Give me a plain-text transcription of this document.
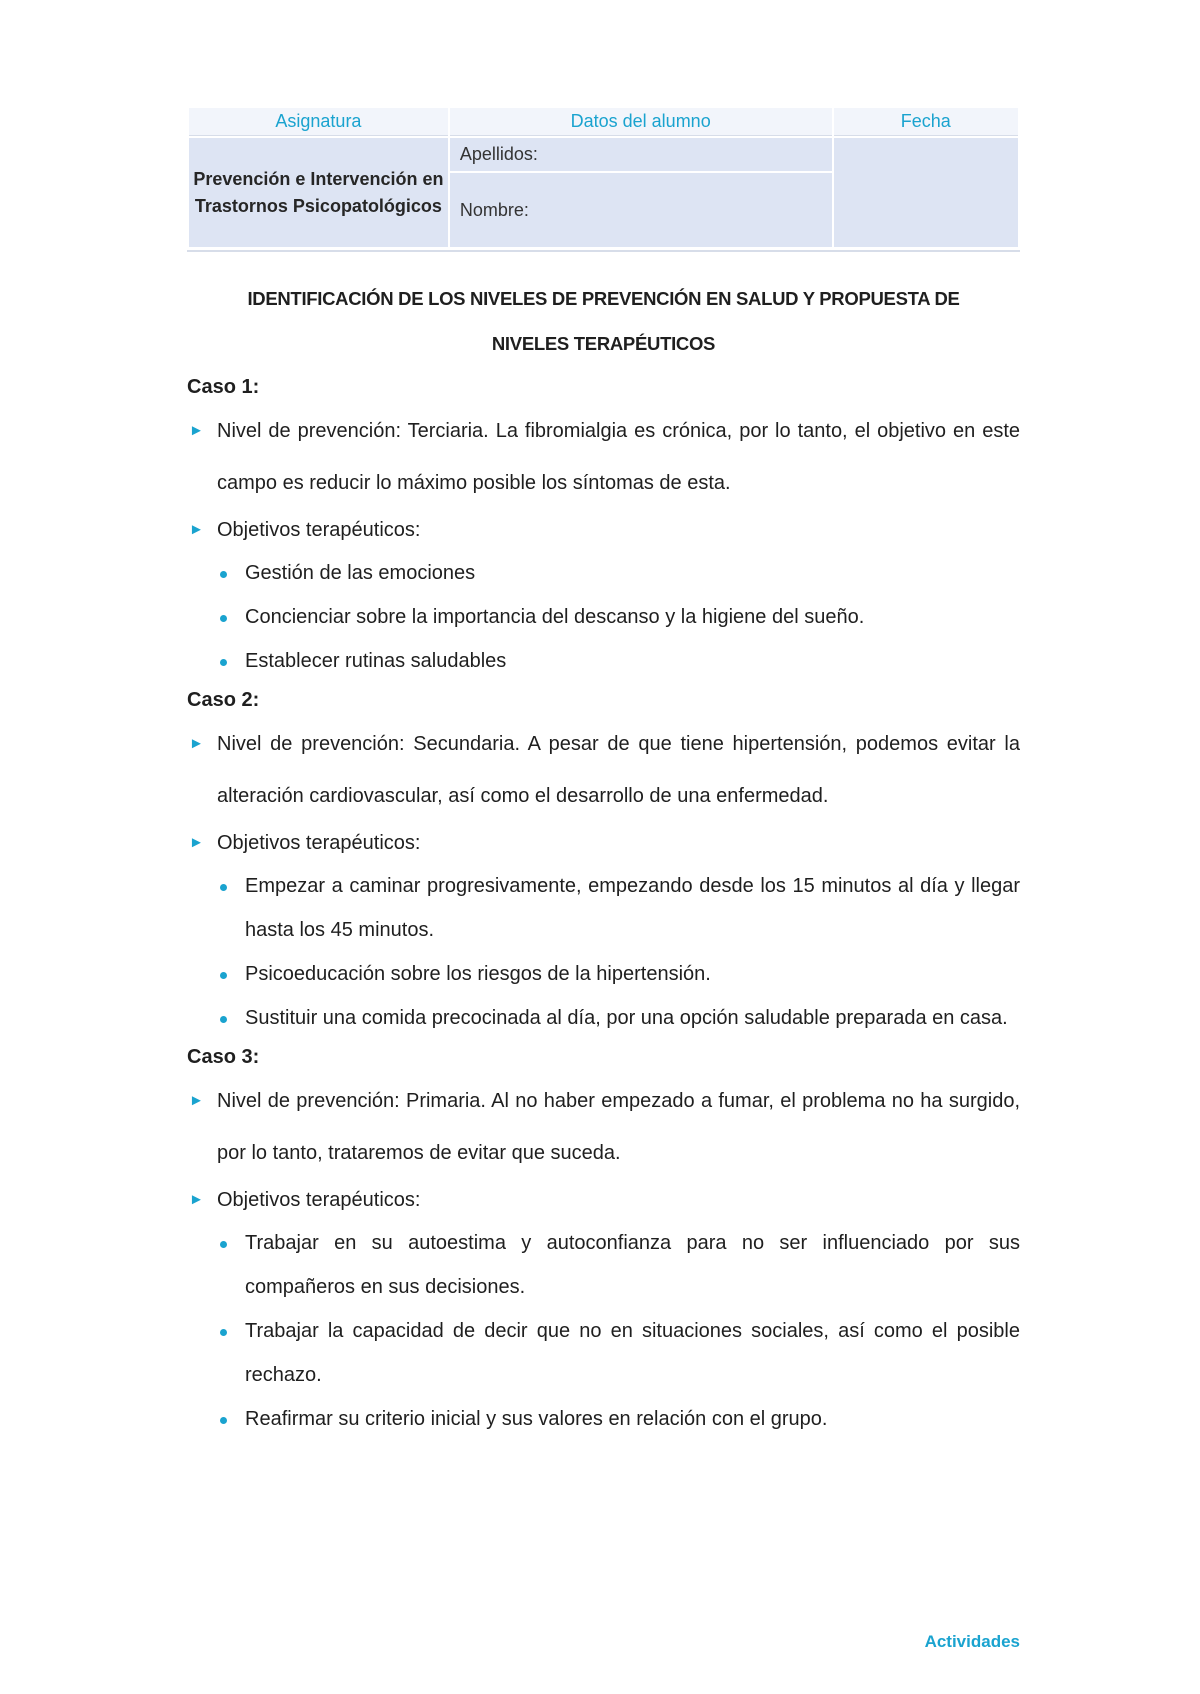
Asignatura	Datos del alumno	Fecha
Prevención e Intervención en Trastornos Psicopatológicos	Apellidos:	
	Nombre:	
IDENTIFICACIÓN DE LOS NIVELES DE PREVENCIÓN EN SALUD Y PROPUESTA DE
NIVELES TERAPÉUTICOS

Caso 1:

► Nivel de prevención: Terciaria. La fibromialgia es crónica, por lo tanto, el objetivo en este campo es reducir lo máximo posible los síntomas de esta.

► Objetivos terapéuticos:

Gestión de las emociones
Concienciar sobre la importancia del descanso y la higiene del sueño.
Establecer rutinas saludables

Caso 2:

► Nivel de prevención: Secundaria. A pesar de que tiene hipertensión, podemos evitar la alteración cardiovascular, así como el desarrollo de una enfermedad.

► Objetivos terapéuticos:

Empezar a caminar progresivamente, empezando desde los 15 minutos al día y llegar hasta los 45 minutos.
Psicoeducación sobre los riesgos de la hipertensión.
Sustituir una comida precocinada al día, por una opción saludable preparada en casa.

Caso 3:

► Nivel de prevención: Primaria. Al no haber empezado a fumar, el problema no ha surgido, por lo tanto, trataremos de evitar que suceda.

► Objetivos terapéuticos:

Trabajar en su autoestima y autoconfianza para no ser influenciado por sus compañeros en sus decisiones.
Trabajar la capacidad de decir que no en situaciones sociales, así como el posible rechazo.
Reafirmar su criterio inicial y sus valores en relación con el grupo.
Actividades
